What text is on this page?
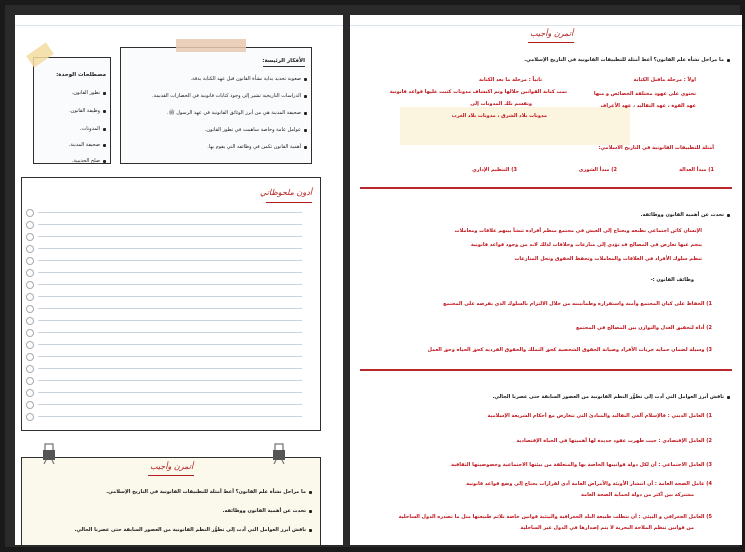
الأفكار الرئيسة:
صعوبة تحديد بداية نشأة القانون قبل عهد الكتابة بدقة.
الدراسات التاريخية تشير إلى وجود كتابات قانونية في الحضارات القديمة.
صحيفة المدينة هي من أبرز الوثائق القانونية في عهد الرسول ﷺ.
عوامل عامة وخاصة ساهمت في تطور القانون.
أهمية القانون تكمن في وظائفه التي يقوم بها.
مصطلحات الوحدة:
تطور القانون.
وظيفة القانون.
المدونات.
صحيفة المدينة.
صلح الحديبية.
أدون ملحوظاتي
أتمرن وأجيب
ما مراحل نشأة علم القانون؟ أعط أمثلة للتطبيقات القانونية في التاريخ الإسلامي.
تحدث عن أهمية القانون ووظائفه.
ناقش أبرز العوامل التي أدت إلى تطوُّر النظم القانونية من العصور السابقة حتى عصرنا الحالي.
أتمرن وأجيب
ما مراحل نشأة علم القانون؟ أعط أمثلة للتطبيقات القانونية في التاريخ الإسلامي.
اولاً : مرحلة ماقبل الكتابة
تحتوي على عهود مختلفة الخصائص و منها
عهد القوة ، عهد التقاليد ، عهد الأعراف
ثانياً : مرحلة ما بعد الكتابة
تمت كتابة القوانين خلالها وتم اكتشاف مدونات كتبت عليها قواعد قانونية
وتقسم تلك المدونات إلى
مدونات بلاد الشرق ، مدونات بلاد الغرب
أمثلة للتطبيقات القانونية في التاريخ الاسلامي:
1) مبدأ العدالة
2) مبدأ الشورى
3) التنظيم الإداري
تحدث عن أهمية القانون ووظائفه.
الإنسان كائن اجتماعي بطبعه ويحتاج إلى العيش في مجتمع منظم أفراده تنشأ بينهم علاقات ومعاملات
ينجم عنها تعارض في المصالح قد تؤدي إلى منازعات وخلافات لذلك لابد من وجود قواعد قانونية
تنظم سلوك الأفراد في العلاقات والمعاملات وتحفظ الحقوق وتحل المنازعات
وظائف القانون :-
1) الحفاظ على كيان المجتمع وأمنه واستقراره وطمأنينته من خلال الالتزام بالسلوك الذي يفرضه على المجتمع
2) أداة لتحقيق العدل والتوازن بين المصالح في المجتمع
3) وسيلة لضمان حماية حريات الأفراد وصيانة الحقوق الشخصية كحق التملك والحقوق الفردية كحق الحياة وحق العمل
ناقش أبرز العوامل التي أدت إلى تطوُّر النظم القانونية من العصور السابقة حتى عصرنا الحالي.
1) العامل الديني : فالإسلام ألغى التقاليد والمبادئ التي تتعارض مع أحكام الشريعة الإسلامية
2) العامل الإقتصادي : حيث ظهرت عقود جديدة لها أهميتها في الحياة الإقتصادية
3) العامل الاجتماعي : أن لكل دولة قوانينها الخاصة بها والمتعلقة من بيئتها الاجتماعية وخصوصيتها الثقافية
4) عامل الصحة العامة : أن انتشار الأوبئة والأمراض العامة أدى لقرارات يحتاج إلى وضع قواعد قانونية
مشتركة بين أكثر من دولة لحماية الصحة العامة
5) العامل الجغرافي و البيئي : أن تتطلب طبيعة البلد الجغرافية والبيئية قوانين خاصة تلائم طبيعتها مثل ما تصدره الدول الساحلية
من قوانين تنظم الملاحة البحرية لا يتم إصدارها في الدول غير الساحلية
